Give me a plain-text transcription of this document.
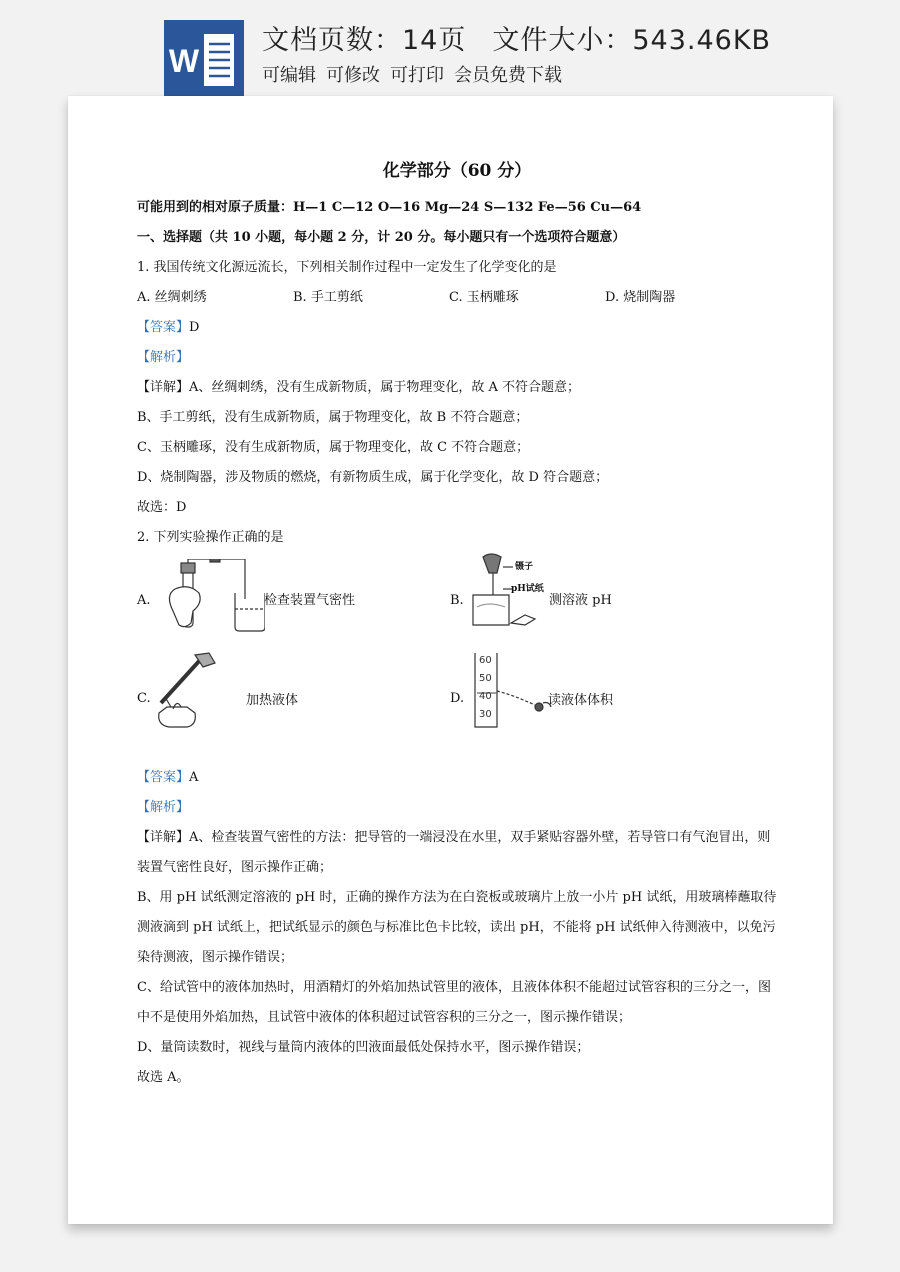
W
文档页数：14页 文件大小：543.46KB
可编辑 可修改 可打印 会员免费下载
化学部分（60 分）
可能用到的相对原子质量：H—1 C—12 O—16 Mg—24 S—132 Fe—56 Cu—64
一、选择题（共 10 小题，每小题 2 分，计 20 分。每小题只有一个选项符合题意）
1. 我国传统文化源远流长，下列相关制作过程中一定发生了化学变化的是
A. 丝绸刺绣	B. 手工剪纸	C. 玉柄雕琢	D. 烧制陶器
【答案】D
【解析】
【详解】A、丝绸刺绣，没有生成新物质，属于物理变化，故 A 不符合题意；
B、手工剪纸，没有生成新物质，属于物理变化，故 B 不符合题意；
C、玉柄雕琢，没有生成新物质，属于物理变化，故 C 不符合题意；
D、烧制陶器，涉及物质的燃烧，有新物质生成，属于化学变化，故 D 符合题意；
故选：D
2. 下列实验操作正确的是
A.	检查装置气密性	B.
镊子
pH试纸
测溶液 pH
C.	加热液体	D.
60
50
40
30
读液体体积
【答案】A
【解析】
【详解】A、检查装置气密性的方法：把导管的一端浸没在水里，双手紧贴容器外壁，若导管口有气泡冒出，则装置气密性良好，图示操作正确；
B、用 pH 试纸测定溶液的 pH 时，正确的操作方法为在白瓷板或玻璃片上放一小片 pH 试纸，用玻璃棒蘸取待测液滴到 pH 试纸上，把试纸显示的颜色与标准比色卡比较，读出 pH，不能将 pH 试纸伸入待测液中，以免污染待测液，图示操作错误；
C、给试管中的液体加热时，用酒精灯的外焰加热试管里的液体，且液体体积不能超过试管容积的三分之一，图中不是使用外焰加热，且试管中液体的体积超过试管容积的三分之一，图示操作错误；
D、量筒读数时，视线与量筒内液体的凹液面最低处保持水平，图示操作错误；
故选 A。
